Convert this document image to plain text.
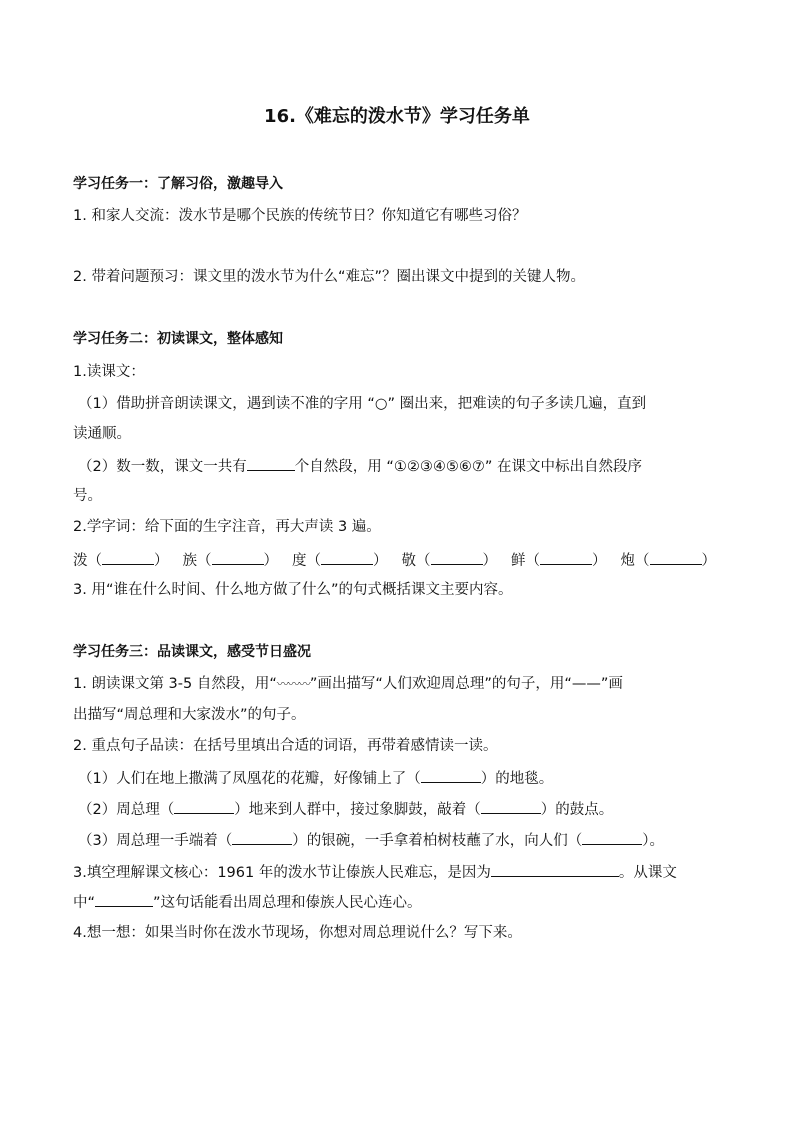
16.《难忘的泼水节》学习任务单
学习任务一：了解习俗，激趣导入
1. 和家人交流：泼水节是哪个民族的传统节日？你知道它有哪些习俗？
2. 带着问题预习：课文里的泼水节为什么“难忘”？圈出课文中提到的关键人物。
学习任务二：初读课文，整体感知
1.读课文：
（1）借助拼音朗读课文，遇到读不准的字用 “○” 圈出来，把难读的句子多读几遍，直到
读通顺。
（2）数一数，课文一共有	个自然段，用 “①②③④⑤⑥⑦” 在课文中标出自然段序
号。
2.学字词：给下面的生字注音，再大声读 3 遍。
泼（	） 族（	） 度（	） 敬（	） 鲜（	） 炮（	）
3. 用“谁在什么时间、什么地方做了什么”的句式概括课文主要内容。
学习任务三：品读课文，感受节日盛况
1. 朗读课文第 3-5 自然段，用“〰〰〰”画出描写“人们欢迎周总理”的句子，用“——”画
出描写“周总理和大家泼水”的句子。
2. 重点句子品读：在括号里填出合适的词语，再带着感情读一读。
（1）人们在地上撒满了凤凰花的花瓣，好像铺上了（	）的地毯。
（2）周总理（	）地来到人群中，接过象脚鼓，敲着（	）的鼓点。
（3）周总理一手端着（	）的银碗，一手拿着柏树枝蘸了水，向人们（	）。
3.填空理解课文核心：1961 年的泼水节让傣族人民难忘，是因为	。从课文
中“	”这句话能看出周总理和傣族人民心连心。
4.想一想：如果当时你在泼水节现场，你想对周总理说什么？写下来。
